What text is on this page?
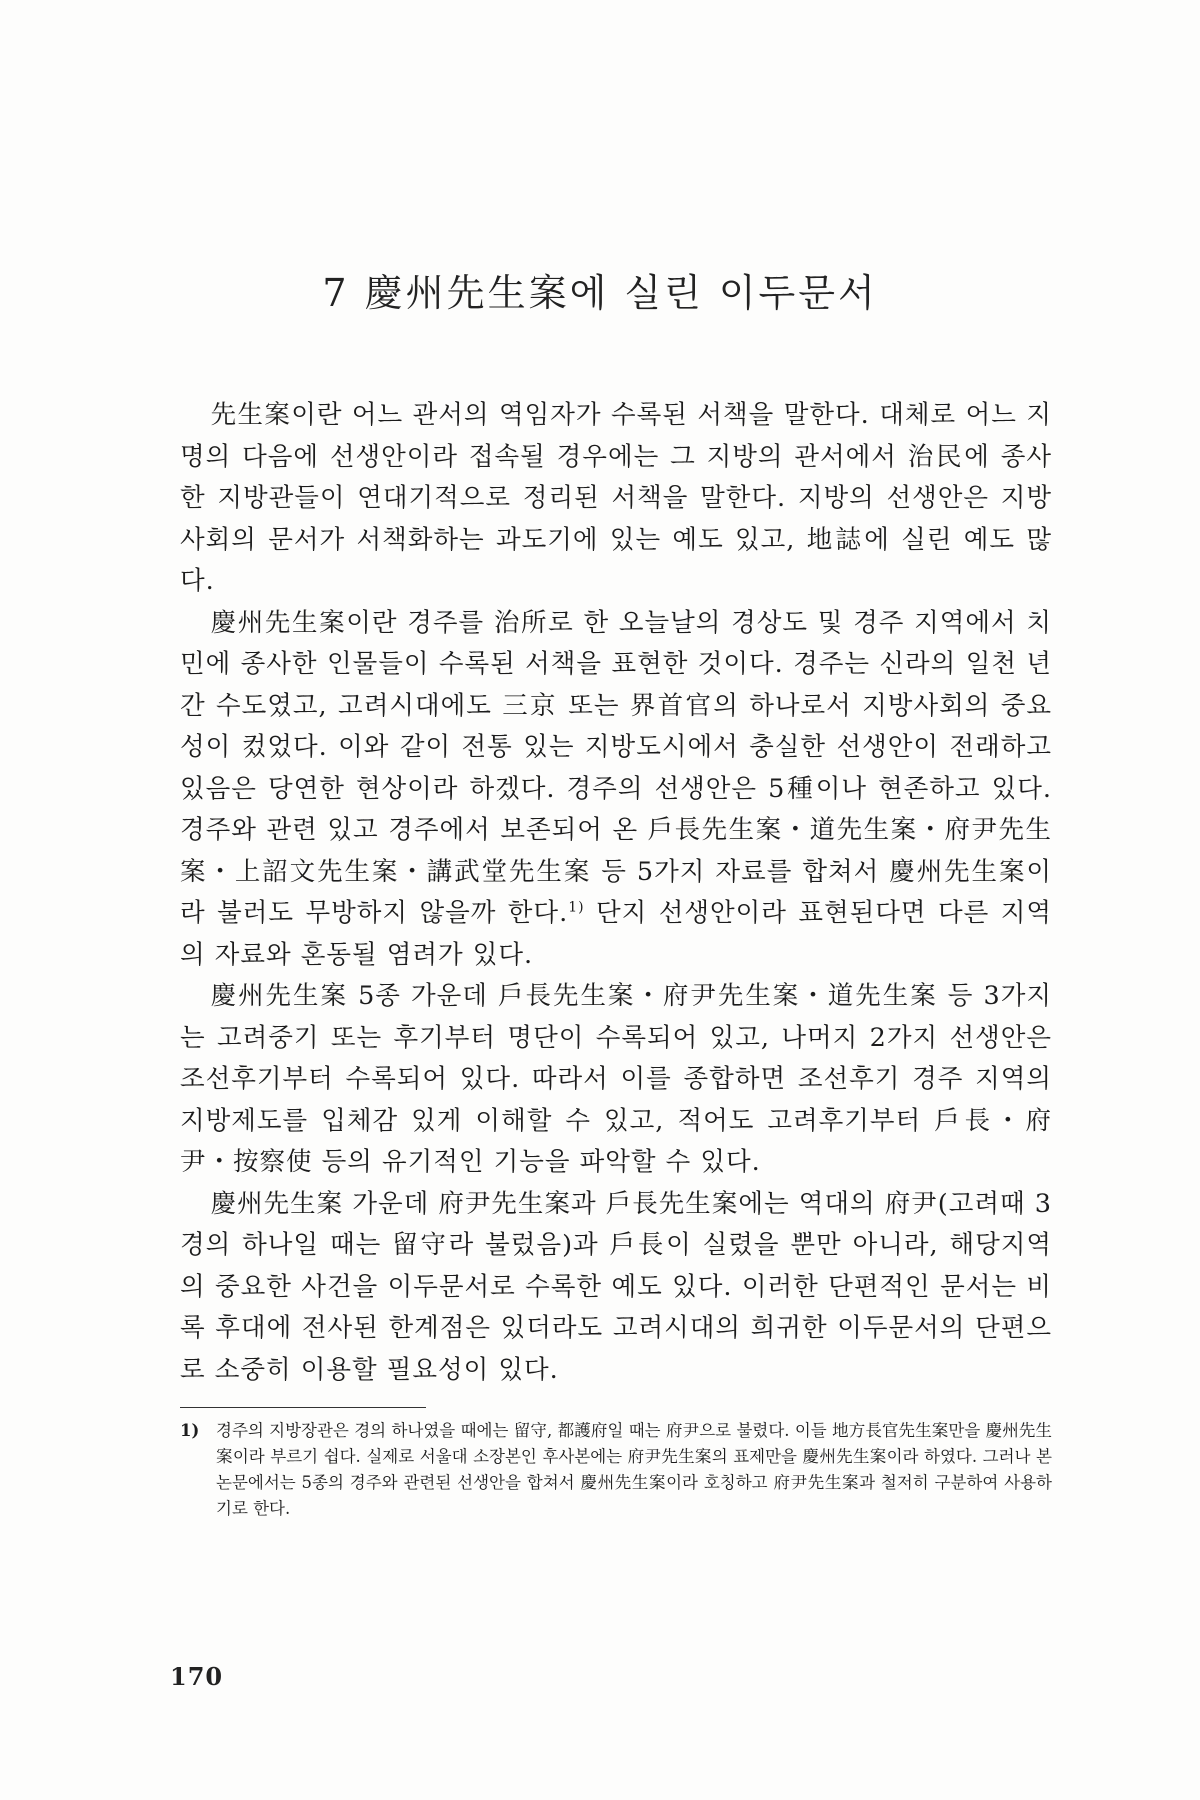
7 慶州先生案에 실린 이두문서

先生案이란 어느 관서의 역임자가 수록된 서책을 말한다. 대체로 어느 지명의 다음에 선생안이라 접속될 경우에는 그 지방의 관서에서 治民에 종사한 지방관들이 연대기적으로 정리된 서책을 말한다. 지방의 선생안은 지방사회의 문서가 서책화하는 과도기에 있는 예도 있고, 地誌에 실린 예도 많다.

慶州先生案이란 경주를 治所로 한 오늘날의 경상도 및 경주 지역에서 치민에 종사한 인물들이 수록된 서책을 표현한 것이다. 경주는 신라의 일천 년간 수도였고, 고려시대에도 三京 또는 界首官의 하나로서 지방사회의 중요성이 컸었다. 이와 같이 전통 있는 지방도시에서 충실한 선생안이 전래하고 있음은 당연한 현상이라 하겠다. 경주의 선생안은 5種이나 현존하고 있다. 경주와 관련 있고 경주에서 보존되어 온 戶長先生案・道先生案・府尹先生案・上詔文先生案・講武堂先生案 등 5가지 자료를 합쳐서 慶州先生案이라 불러도 무방하지 않을까 한다.$^{1)}$ 단지 선생안이라 표현된다면 다른 지역의 자료와 혼동될 염려가 있다.

慶州先生案 5종 가운데 戶長先生案・府尹先生案・道先生案 등 3가지는 고려중기 또는 후기부터 명단이 수록되어 있고, 나머지 2가지 선생안은 조선후기부터 수록되어 있다. 따라서 이를 종합하면 조선후기 경주 지역의 지방제도를 입체감 있게 이해할 수 있고, 적어도 고려후기부터 戶長・府尹・按察使 등의 유기적인 기능을 파악할 수 있다.

慶州先生案 가운데 府尹先生案과 戶長先生案에는 역대의 府尹(고려때 3경의 하나일 때는 留守라 불렀음)과 戶長이 실렸을 뿐만 아니라, 해당지역의 중요한 사건을 이두문서로 수록한 예도 있다. 이러한 단편적인 문서는 비록 후대에 전사된 한계점은 있더라도 고려시대의 희귀한 이두문서의 단편으로 소중히 이용할 필요성이 있다.

1)	경주의 지방장관은 경의 하나였을 때에는 留守, 都護府일 때는 府尹으로 불렸다. 이들 地方長官先生案만을 慶州先生案이라 부르기 쉽다. 실제로 서울대 소장본인 후사본에는 府尹先生案의 표제만을 慶州先生案이라 하였다. 그러나 본 논문에서는 5종의 경주와 관련된 선생안을 합쳐서 慶州先生案이라 호칭하고 府尹先生案과 철저히 구분하여 사용하기로 한다.
170
